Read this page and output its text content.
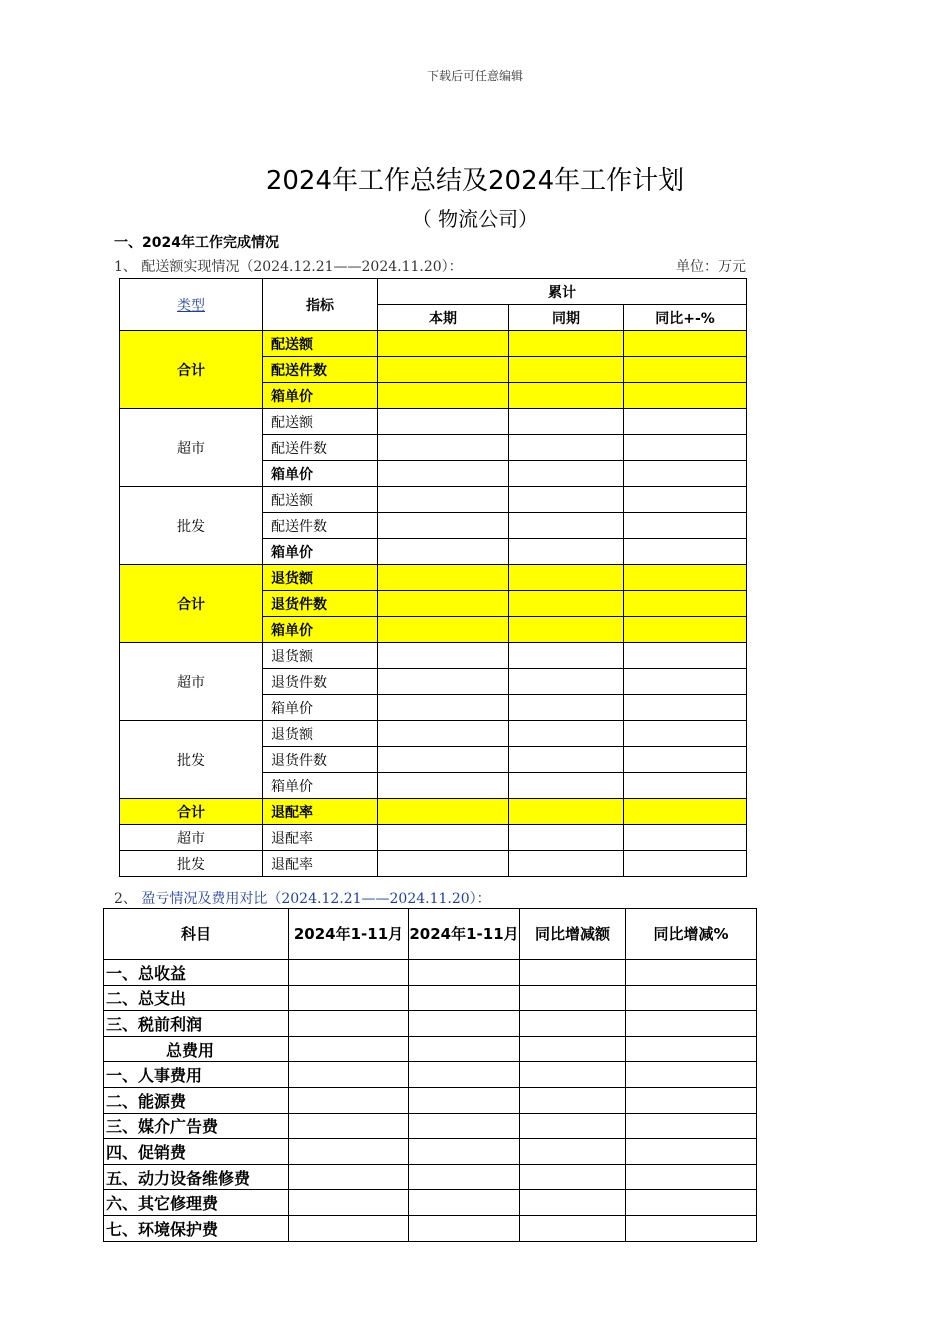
下载后可任意编辑
2024年工作总结及2024年工作计划
（ 物流公司）
一、2024年工作完成情况
1、 配送额实现情况（2024.12.21——2024.11.20）：	单位：万元
类型	指标	累计		
		本期	同期	同比+-%
合计	配送额			
	配送件数			
	箱单价			
超市	配送额			
	配送件数			
	箱单价			
批发	配送额			
	配送件数			
	箱单价			
合计	退货额			
	退货件数			
	箱单价			
超市	退货额			
	退货件数			
	箱单价			
批发	退货额			
	退货件数			
	箱单价			
合计	退配率			
超市	退配率			
批发	退配率			
2、 盈亏情况及费用对比（2024.12.21——2024.11.20）：
科目	2024年1-11月	2024年1-11月	同比增减额	同比增减%
一、总收益				
二、总支出				
三、税前利润				
总费用				
一、人事费用				
二、能源费				
三、媒介广告费				
四、促销费				
五、动力设备维修费				
六、其它修理费				
七、环境保护费				
